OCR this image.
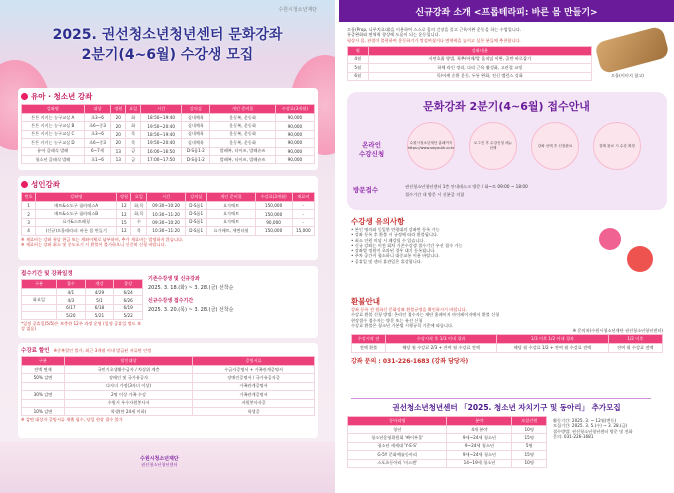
수원시청소년재단
2025. 권선청소년청년센터 문화강좌
2분기(4~6월) 수강생 모집
유아 · 청소년 강좌
강좌명	대상	정원	요일	시간	강의실	개인 준비물	수강료(3개월)
튼튼 키키는 농구교실 A	초3~6	20	화	18:50~19:40	실내체육	운동복, 운동화	90,000
튼튼 키키는 농구교실 B	초6~중3	20	화	19:50~20:40	실내체육	운동복, 운동화	90,000
튼튼 키키는 농구교실 C	초3~6	20	목	18:50~19:40	실내체육	운동복, 운동화	90,000
튼튼 키키는 농구교실 D	초6~중3	20	목	19:50~20:40	실내체육	운동복, 운동화	90,000
유아 클래식 발레	6~7세	13	금	16:00~16:50	D·S룸1·2	발레복, 타이즈, 발레슈즈	90,000
청소년 클래식 발레	초1~6	13	금	17:00~17:50	D·S룸1·2	발레복, 타이즈, 발레슈즈	90,000
성인강좌
번호	강좌명	정원	요일	시간	강의실	개인 준비물	수강료(3개월)	재료비
1	매트&소도구 필라테스A	12	화,목	09:30~10:20	D·S룸1	요가매트	150,000	-
2	매트&소도구 필라테스B	12	화,목	10:30~11:20	D·S룸1	요가매트	150,000	-
3	요가&스트레칭	15	수	09:30~10:20	D·S룸1	요가매트	90,000	-
4	(신규)프롭테라피: 바른 몸 만들기	12	목	10:30~11:20	D·S룸1	요가매트, 세면타월	150,000	15,000
※ 재료비는 강좌 첫날 현금 또는 계좌이체로 납부하며, 추가 재료비는 발생하지 않습니다.
※ 재료비는 강좌 취소 및 중도포기 시 환불이 불가하오니 신중히 신청 바랍니다.
접수기간 및 강좌일정
구분	접수	개강	종강
	4/1	4/29	6/24
화요일	4/3	5/1	6/26
	6/17	6/18	6/19
	5/20	5/21	5/22
*일정 공휴일(5/5)은 보충한 12주 과정 운영 (일정 공휴일 별도 보강 없음)
기존수강생 및 신규강좌
2025. 3. 18.(화) ~ 3. 28.(금) 선착순
신규수강생 접수기간
2025. 3. 20.(목) ~ 3. 28.(금) 선착순
수강료 할인 ※중복할인 불가, 최근 3개월 이내 발급된 서류만 인정
구분	할인대상	증빙서류
전액 면제	국민기초생활수급자 / 차상위 계층	수급자증명서 + 가족관계증명서
50% 감면	장애인 및 국가유공자	장애인증명서 / 국가유공자증
	다자녀 가정(3자녀 이상)	가족관계증명서
30% 감면	2명 이상 가족 수강	가족관계증명서
	수원시 우수자원봉사자	자원봉사자증
10% 감면	학생(만 24세 이하)	학생증
※ 감면 대상자 증빙서류 제출 필수, 당일 현장 접수 불가
수원시청소년재단
권선청소년청년센터
신규강좌 소개 <프롭테라피: 바른 몸 만들기>
프롭(Prop, 나무치료대)을 이용하여 스스로 몸의 긴장을 풀고 근육이완 운동을 하는 수업입니다.
통증완화와 면역력 향상에 도움이 되는 운동입니다.
평상시 몸, 관절이 불편하여 운동하기가 망설여졌거나 면역력을 높이고 싶은 분들께 추천합니다.
월	강좌내용
4월	자연호흡 방법, 척추/어깨/발 움직임 이완, 골반 바로잡기
5월	하체 라인 정리, 다리 근육 활성화, 고관절 교정
6월	목/어깨 순환 운동, 두통 완화, 전신 밸런스 강화	프롭(이미지 참고)
문화강좌 2분기(4~6월) 접수안내
온라인
수강신청
수원시청소년재단 홈페이지 https://www.swyouth.or.kr
로그인 후 수강신청 메뉴 선택
강좌 선택 후 신청완료	결제 완료 시 수강 확정
방문접수	권선청소년청년센터 1층 안내데스크 방문 / 화~토 09:00 ~ 18:00
접수기간 내 방문 시 신분증 지참
수강생 유의사항
• 본인 명의와 동일한 연령대의 강좌만 등록 가능
• 강좌 등록 후 환불 시 규정에 따라 환불됩니다.
• 최소 인원 미달 시 폐강될 수 있습니다.
• 신규 강좌는 이전 회차 기존수강생 접수기간 우선 접수 가능
• 강좌별 정원이 초과된 경우 대기 등록됩니다.
• 주차 공간이 협소하니 대중교통 이용 바랍니다.
• 공휴일 및 센터 휴관일은 휴강합니다.
환불안내
강좌 등록 전 원하신 문화강좌 환불규정을 확인하시기 바랍니다.
수강료 환불 신청 방법: 온라인 접수자는 재단 홈페이지 마이페이지에서 환불 신청
현장접수 접수자는 방문 또는 유선 신청
수강료 환불은 청소년 기본법 시행규칙 기준에 따릅니다.
※ 문의처(수원시청소년재단 권선청소년청년센터)
수강시작 전	수강시작 후 1/3 이내 경과	1/3 이후 1/2 이내 경과	1/2 이후
전액 환불	해당 월 수강료 2/3 + 잔여 월 수강료 전액	해당 월 수강료 1/2 + 잔여 월 수강료 전액	잔여 월 수강료 전액
강좌 문의 : 031-226-1683 (강좌 담당자)
권선청소년청년센터 「2025. 청소년 자치기구 및 동아리」 추가모집
동아리명	분야	모집인원
청년	4개 분야	10명
청소년운영위원회 '빠이부물'	9세~24세 청소년	15명
청소년 새세대 'Y·E·S'	9~24세 청소년	5명
G-5Y 문화예술동아리	9세~24세 청소년	15명
스포츠동아리 '비스캔'	14~19세 청소년	10명
활동기간: 2025. 3. ~ 12월(변동)
모집기간: 2025. 3. 5.(수) ~ 3. 28.(금)
접수방법: 권선청소년청년센터 방문 및 전화
문의: 031-226-1681
